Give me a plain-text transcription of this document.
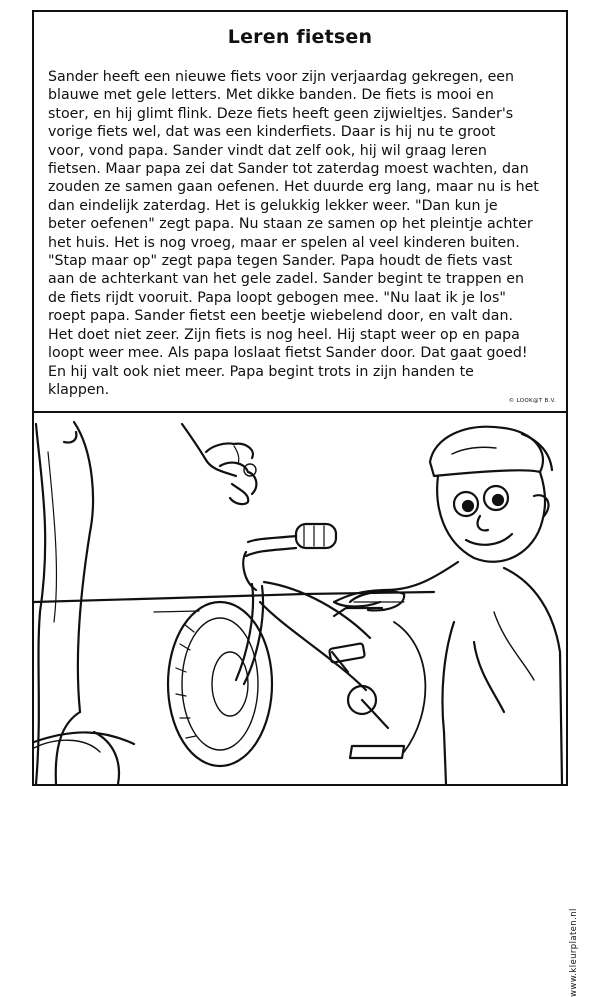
Leren fietsen
Sander heeft een nieuwe fiets voor zijn verjaardag gekregen, een
blauwe met gele letters. Met dikke banden. De fiets is mooi en
stoer, en hij glimt flink. Deze fiets heeft geen zijwieltjes. Sander's
vorige fiets wel, dat was een kinderfiets. Daar is hij nu te groot
voor, vond papa. Sander vindt dat zelf ook, hij wil graag leren
fietsen. Maar papa zei dat Sander tot zaterdag moest wachten, dan
zouden ze samen gaan oefenen. Het duurde erg lang, maar nu is het
dan eindelijk zaterdag. Het is gelukkig lekker weer. "Dan kun je
beter oefenen" zegt papa. Nu staan ze samen op het pleintje achter
het huis. Het is nog vroeg, maar er spelen al veel kinderen buiten.
"Stap maar op" zegt papa tegen Sander. Papa houdt de fiets vast
aan de achterkant van het gele zadel. Sander begint te trappen en
de fiets rijdt vooruit. Papa loopt gebogen mee. "Nu laat ik je los"
roept papa. Sander fietst een beetje wiebelend door, en valt dan.
Het doet niet zeer. Zijn fiets is nog heel. Hij stapt weer op en papa
loopt weer mee. Als papa loslaat fietst Sander door. Dat gaat goed!
En hij valt ook niet meer. Papa begint trots in zijn handen te
klappen.
© LOOK@T B.V.
www.kleurplaten.nl
